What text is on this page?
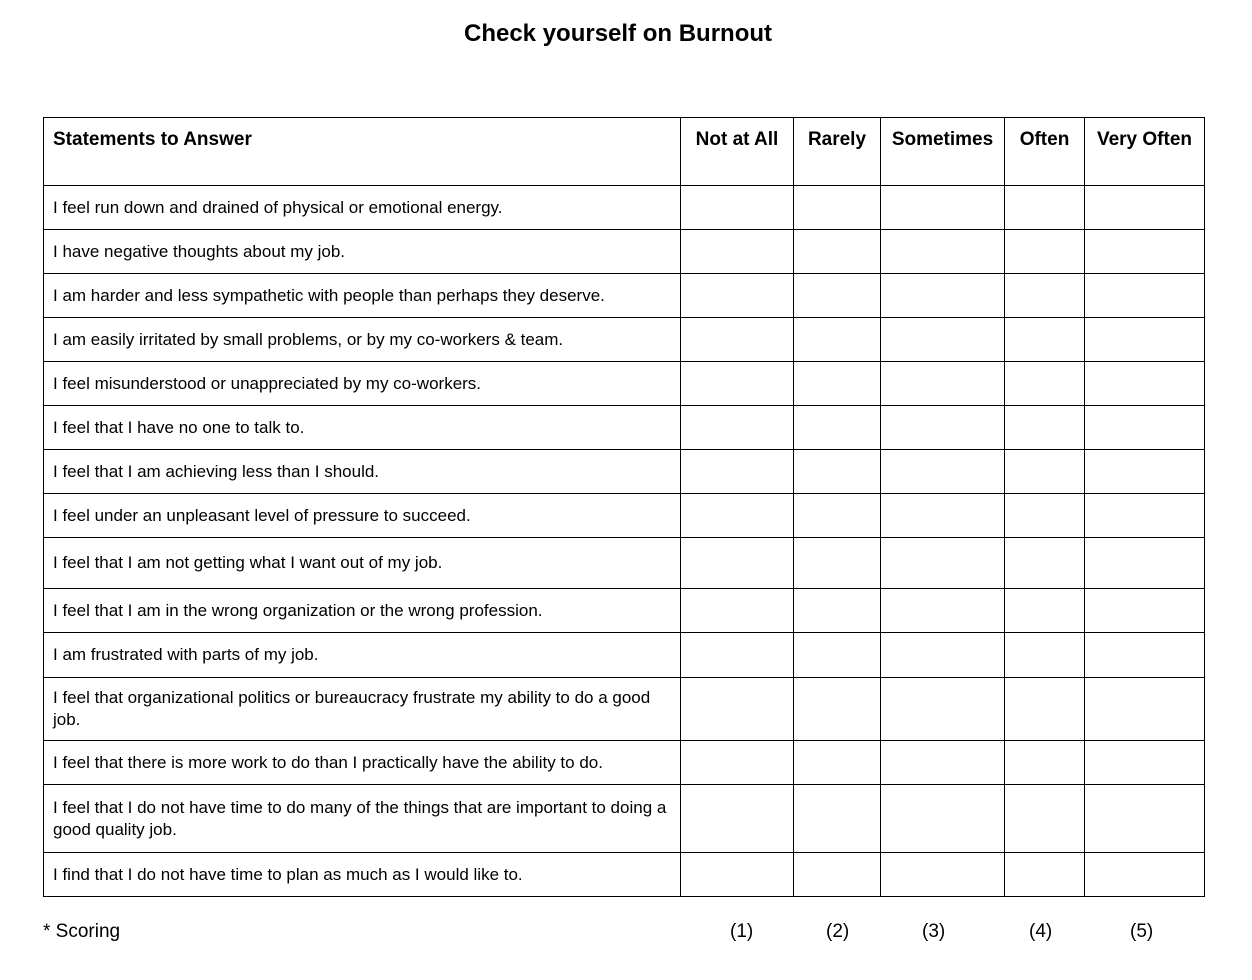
Check yourself on Burnout
Statements to Answer	Not at All	Rarely	Sometimes	Often	Very Often
I feel run down and drained of physical or emotional energy.					
I have negative thoughts about my job.					
I am harder and less sympathetic with people than perhaps they deserve.					
I am easily irritated by small problems, or by my co-workers & team.					
I feel misunderstood or unappreciated by my co-workers.					
I feel that I have no one to talk to.					
I feel that I am achieving less than I should.					
I feel under an unpleasant level of pressure to succeed.					
I feel that I am not getting what I want out of my job.					
I feel that I am in the wrong organization or the wrong profession.					
I am frustrated with parts of my job.					
I feel that organizational politics or bureaucracy frustrate my ability to do a good job.					
I feel that there is more work to do than I practically have the ability to do.					
I feel that I do not have time to do many of the things that are important to doing a good quality job.					
I find that I do not have time to plan as much as I would like to.					
* Scoring	(1)	(2)	(3)	(4)	(5)
